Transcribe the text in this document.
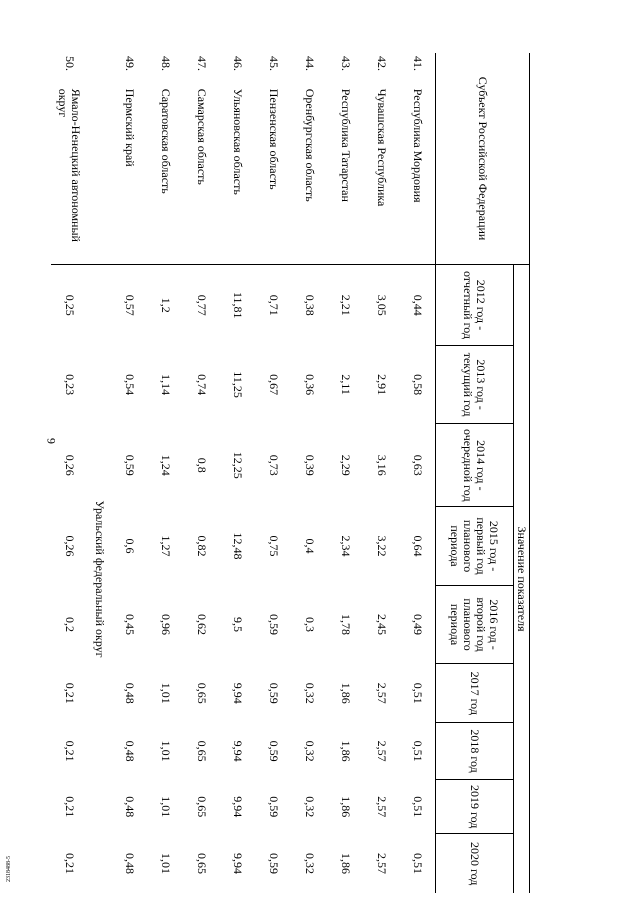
6
2318488-5
Субъект Российской Федерации		Значение показателя								
		2012 год - отчетный год	2013 год - текущий год	2014 год - очередной год	2015 год - первый год планового периода	2016 год - второй год планового периода	2017 год	2018 год	2019 год	2020 год
41.	Республика Мордовия	0,44	0,58	0,63	0,64	0,49	0,51	0,51	0,51	0,51
42.	Чувашская Республика	3,05	2,91	3,16	3,22	2,45	2,57	2,57	2,57	2,57
43.	Республика Татарстан	2,21	2,11	2,29	2,34	1,78	1,86	1,86	1,86	1,86
44.	Оренбургская область	0,38	0,36	0,39	0,4	0,3	0,32	0,32	0,32	0,32
45.	Пензенская область	0,71	0,67	0,73	0,75	0,59	0,59	0,59	0,59	0,59
46.	Ульяновская область	11,81	11,25	12,25	12,48	9,5	9,94	9,94	9,94	9,94
47.	Самарская область	0,77	0,74	0,8	0,82	0,62	0,65	0,65	0,65	0,65
48.	Саратовская область	1,2	1,14	1,24	1,27	0,96	1,01	1,01	1,01	1,01
49.	Пермский край	0,57	0,54	0,59	0,6	0,45	0,48	0,48	0,48	0,48
		Уральский федеральный округ								
50.	Ямало-Ненецкий автономный округ	0,25	0,23	0,26	0,26	0,2	0,21	0,21	0,21	0,21
